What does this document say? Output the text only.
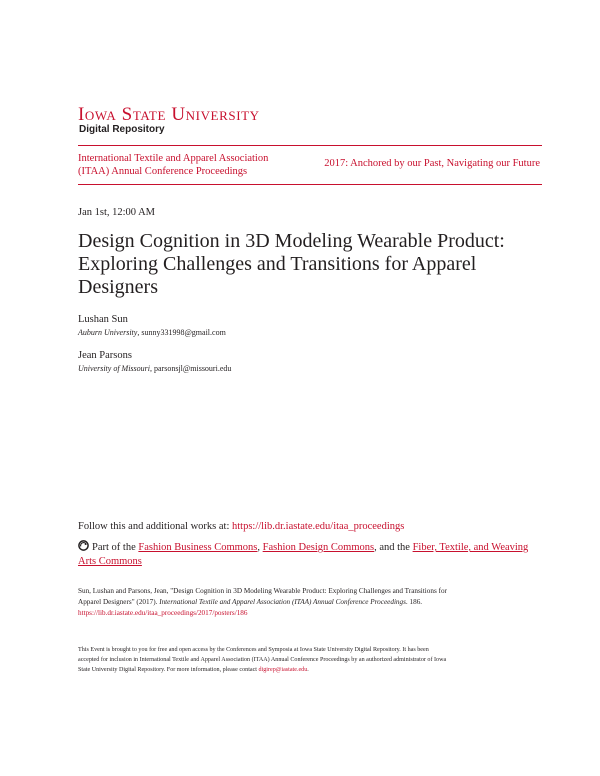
Iowa State University
Digital Repository
International Textile and Apparel Association
(ITAA) Annual Conference Proceedings
2017: Anchored by our Past, Navigating our Future
Jan 1st, 12:00 AM
Design Cognition in 3D Modeling Wearable Product: Exploring Challenges and Transitions for Apparel Designers
Lushan Sun
Auburn University, sunny331998@gmail.com
Jean Parsons
University of Missouri, parsonsjl@missouri.edu
Follow this and additional works at: https://lib.dr.iastate.edu/itaa_proceedings
Part of the Fashion Business Commons, Fashion Design Commons, and the Fiber, Textile, and Weaving Arts Commons
Sun, Lushan and Parsons, Jean, "Design Cognition in 3D Modeling Wearable Product: Exploring Challenges and Transitions for
Apparel Designers" (2017). International Textile and Apparel Association (ITAA) Annual Conference Proceedings. 186.
https://lib.dr.iastate.edu/itaa_proceedings/2017/posters/186
This Event is brought to you for free and open access by the Conferences and Symposia at Iowa State University Digital Repository. It has been
accepted for inclusion in International Textile and Apparel Association (ITAA) Annual Conference Proceedings by an authorized administrator of Iowa
State University Digital Repository. For more information, please contact digirep@iastate.edu.
